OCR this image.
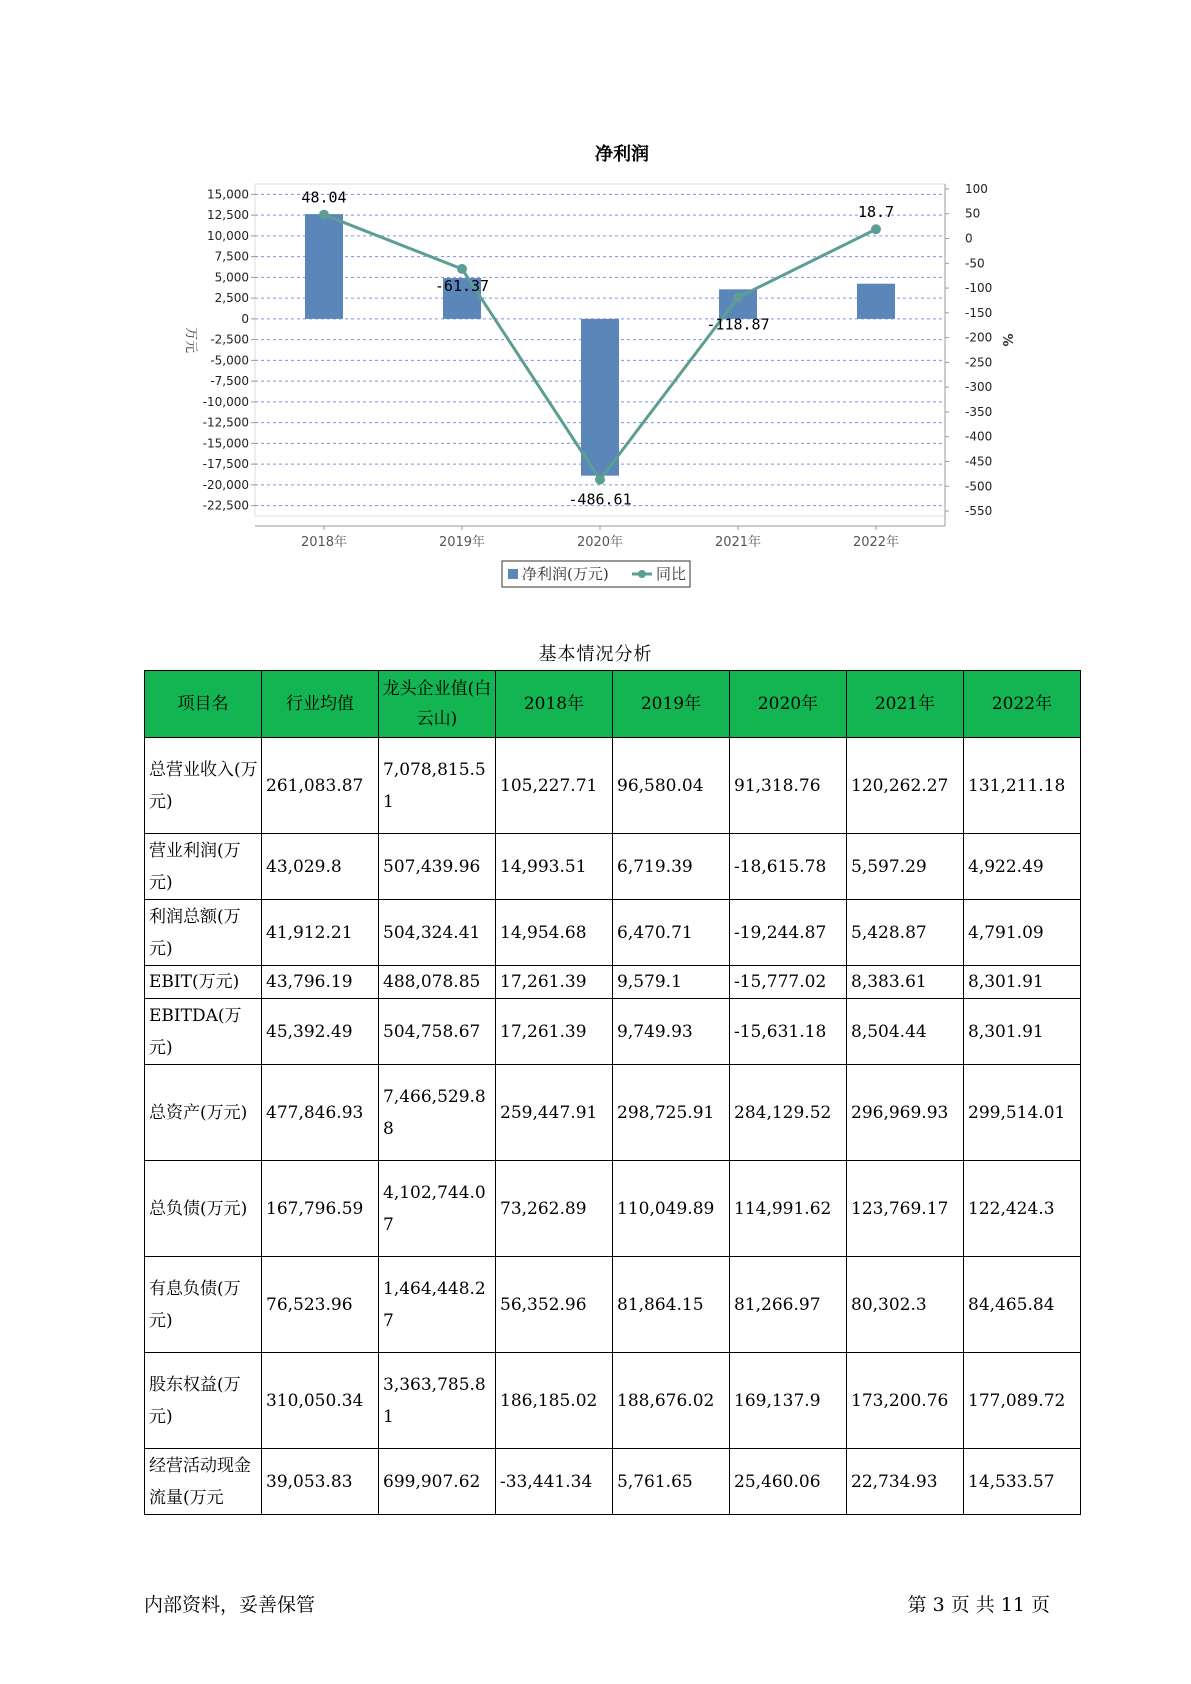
净利润
15,000
12,500
10,000
7,500
5,000
2,500
0
-2,500
-5,000
-7,500
-10,000
-12,500
-15,000
-17,500
-20,000
-22,500
100
50
0
-50
-100
-150
-200
-250
-300
-350
-400
-450
-500
-550
万元	%
2018年	2019年	2020年	2021年	2022年
48.04
-61.37
-486.61
-118.87
18.7
净利润(万元)	同比
基本情况分析
项目名	行业均值	龙头企业值(白云山)	2018年	2019年	2020年	2021年	2022年
总营业收入(万元)	261,083.87	7,078,815.51	105,227.71	96,580.04	91,318.76	120,262.27	131,211.18
营业利润(万元)	43,029.8	507,439.96	14,993.51	6,719.39	-18,615.78	5,597.29	4,922.49
利润总额(万元)	41,912.21	504,324.41	14,954.68	6,470.71	-19,244.87	5,428.87	4,791.09
EBIT(万元)	43,796.19	488,078.85	17,261.39	9,579.1	-15,777.02	8,383.61	8,301.91
EBITDA(万元)	45,392.49	504,758.67	17,261.39	9,749.93	-15,631.18	8,504.44	8,301.91
总资产(万元)	477,846.93	7,466,529.88	259,447.91	298,725.91	284,129.52	296,969.93	299,514.01
总负债(万元)	167,796.59	4,102,744.07	73,262.89	110,049.89	114,991.62	123,769.17	122,424.3
有息负债(万元)	76,523.96	1,464,448.27	56,352.96	81,864.15	81,266.97	80,302.3	84,465.84
股东权益(万元)	310,050.34	3,363,785.81	186,185.02	188,676.02	169,137.9	173,200.76	177,089.72
经营活动现金流量(万元	39,053.83	699,907.62	-33,441.34	5,761.65	25,460.06	22,734.93	14,533.57
内部资料，妥善保管	第 3 页 共 11 页
